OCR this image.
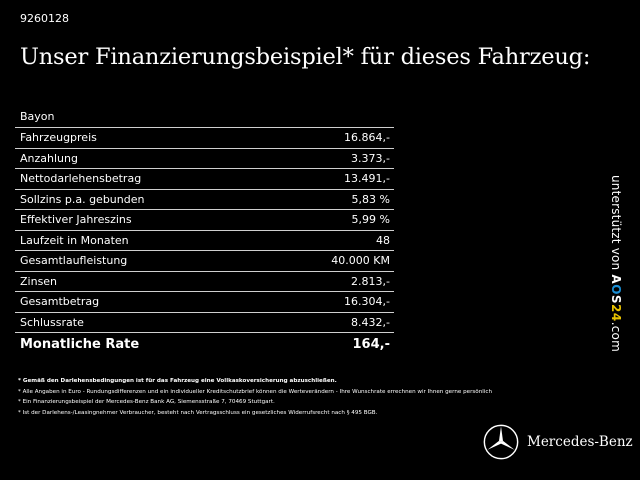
9260128
Unser Finanzierungsbeispiel* für dieses Fahrzeug:
Bayon
Fahrzeugpreis	16.864,-
Anzahlung	3.373,-
Nettodarlehensbetrag	13.491,-
Sollzins p.a. gebunden	5,83 %
Effektiver Jahreszins	5,99 %
Laufzeit in Monaten	48
Gesamtlaufleistung	40.000 KM
Zinsen	2.813,-
Gesamtbetrag	16.304,-
Schlussrate	8.432,-
Monatliche Rate	164,-
* Gemäß den Darlehensbedingungen ist für das Fahrzeug eine Vollkaskoversicherung abzuschließen.
* Alle Angaben in Euro - Rundungsdifferenzen und ein individueller Kreditschutzbrief können die Werteverändern - Ihre Wunschrate errechnen wir Ihnen gerne persönlich
* Ein Finanzierungsbeispiel der Mercedes-Benz Bank AG, Siemensstraße 7, 70469 Stuttgart.
* Ist der Darlehens-/Leasingnehmer Verbraucher, besteht nach Vertragsschluss ein gesetzliches Widerrufsrecht nach § 495 BGB.
unterstützt von AOS24.com
Mercedes-Benz
